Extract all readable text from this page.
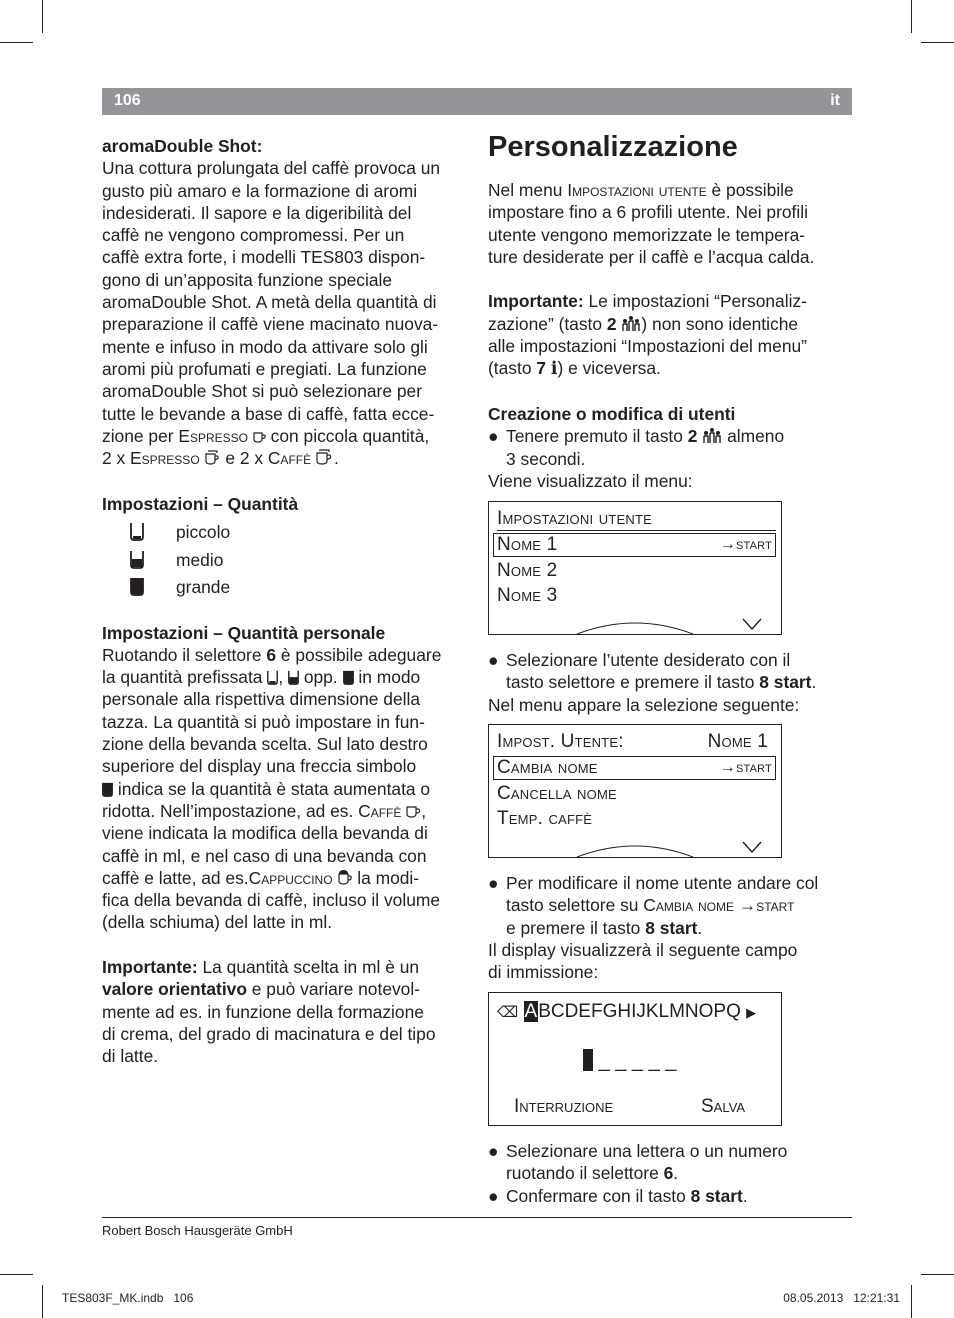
106	it

aromaDouble Shot:

Una cottura prolungata del caffè provoca un

gusto più amaro e la formazione di aromi

indesiderati. Il sapore e la digeribilità del

caffè ne vengono compromessi. Per un

caffè extra forte, i modelli TES803 dispon-

gono di un’apposita funzione speciale

aromaDouble Shot. A metà della quantità di

preparazione il caffè viene macinato nuova-

mente e infuso in modo da attivare solo gli

aromi più profumati e pregiati. La funzione

aromaDouble Shot si può selezionare per

tutte le bevande a base di caffè, fatta ecce-

zione per Espresso  con piccola quantità,

2 x Espresso  e 2 x Caffè .

Impostazioni – Quantità

piccolo
medio
grande

Impostazioni – Quantità personale

Ruotando il selettore 6 è possibile adeguare

la quantità prefissata ,  opp.  in modo

personale alla rispettiva dimensione della

tazza. La quantità si può impostare in fun-

zione della bevanda scelta. Sul lato destro

superiore del display una freccia simbolo

indica se la quantità è stata aumentata o

ridotta. Nell’impostazione, ad es. Caffè ,

viene indicata la modifica della bevanda di

caffè in ml, e nel caso di una bevanda con

caffè e latte, ad es.Cappuccino  la modi-

fica della bevanda di caffè, incluso il volume

(della schiuma) del latte in ml.

Importante: La quantità scelta in ml è un

valore orientativo e può variare notevol-

mente ad es. in funzione della formazione

di crema, del grado di macinatura e del tipo

di latte.

Personalizzazione

Nel menu Impostazioni utente è possibile

impostare fino a 6 profili utente. Nei profili

utente vengono memorizzate le tempera-

ture desiderate per il caffè e l’acqua calda.

Importante: Le impostazioni “Personaliz-

zazione” (tasto 2 ) non sono identiche

alle impostazioni “Impostazioni del menu”

(tasto 7 i) e viceversa.

Creazione o modifica di utenti

● Tenere premuto il tasto 2  almeno

3 secondi.

Viene visualizzato il menu:

Impostazioni utente
Nome 1	→start
Nome 2
Nome 3
● Selezionare l’utente desiderato con il

tasto selettore e premere il tasto 8 start.

Nel menu appare la selezione seguente:

Impost. Utente:	Nome 1
Cambia nome	→start
Cancella nome
Temp. caffè
● Per modificare il nome utente andare col

tasto selettore su Cambia nome →start

e premere il tasto 8 start.

Il display visualizzerà il seguente campo

di immissione:

⌫ ABCDEFGHIJKLMNOPQ ▶
_ _ _ _ _
Interruzione	Salva
● Selezionare una lettera o un numero

ruotando il selettore 6.

● Confermare con il tasto 8 start.

Robert Bosch Hausgeräte GmbH
TES803F_MK.indb   106	08.05.2013   12:21:31
